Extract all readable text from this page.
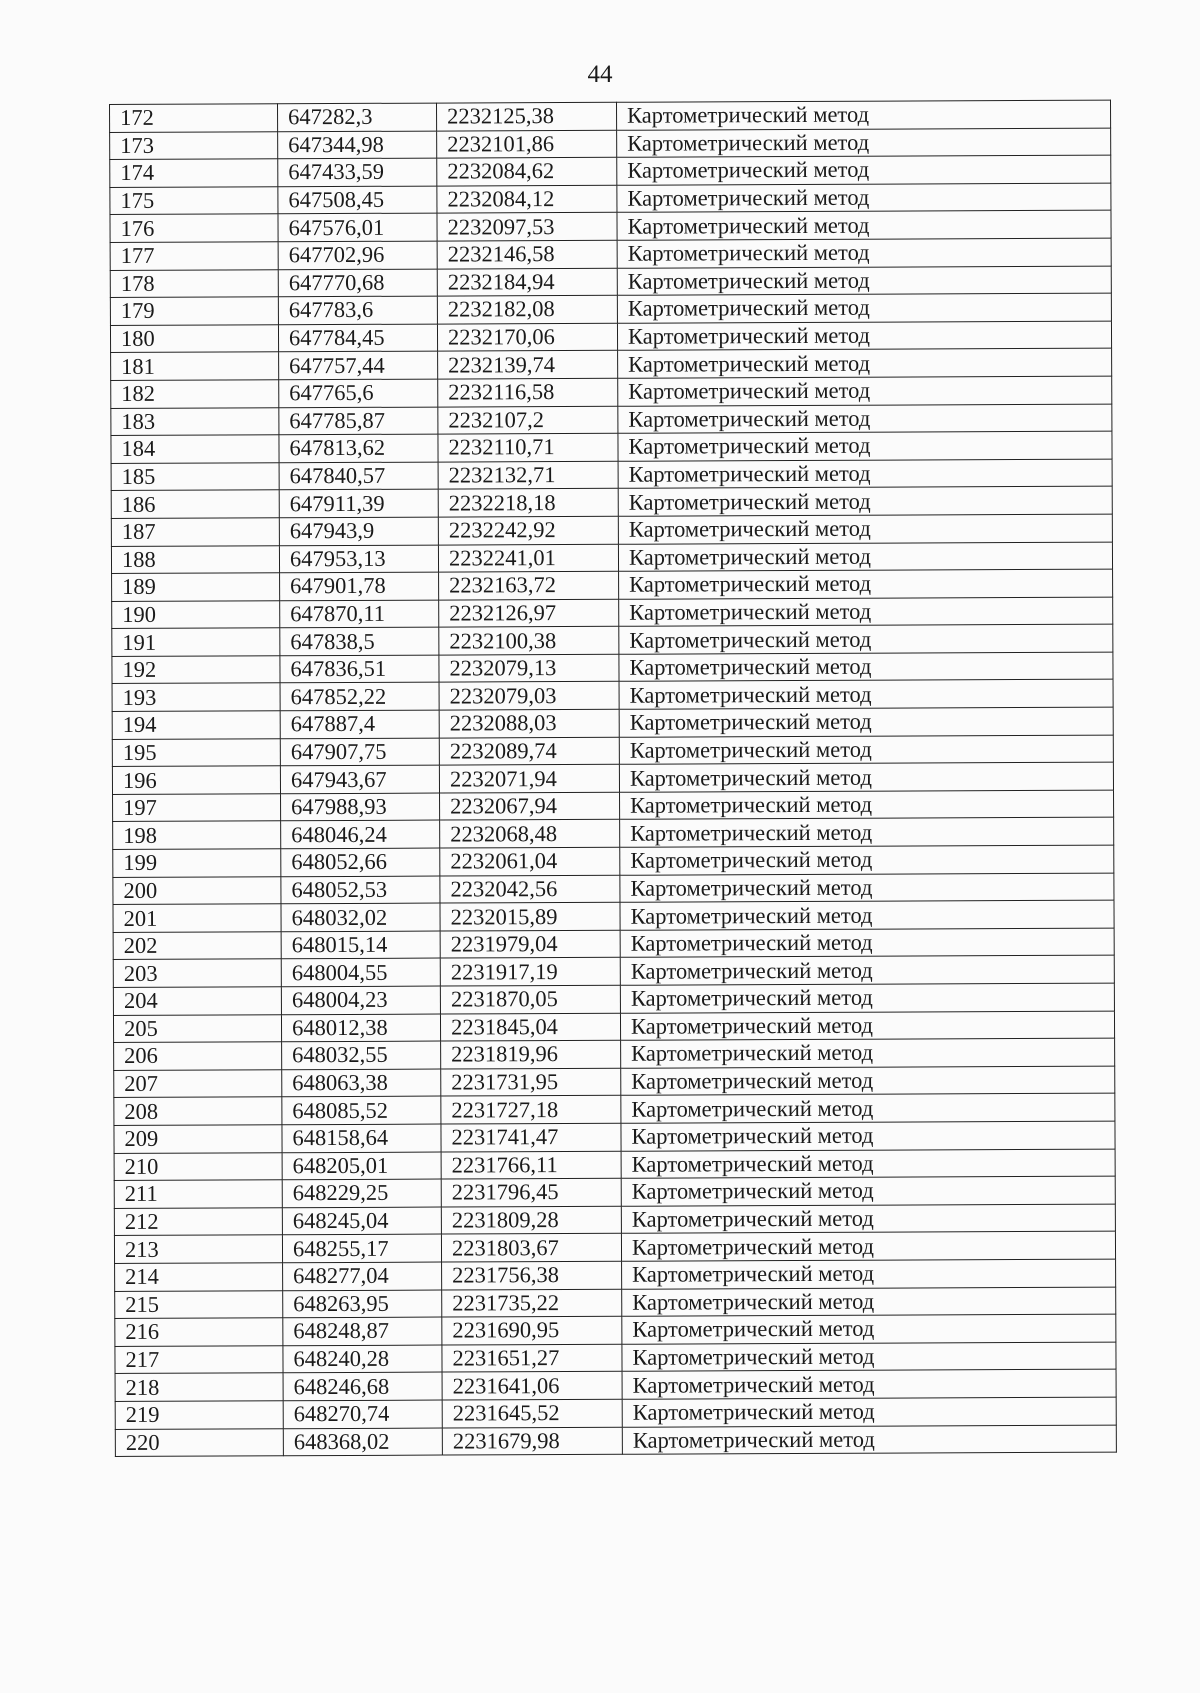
44
172	647282,3	2232125,38	Картометрический метод
173	647344,98	2232101,86	Картометрический метод
174	647433,59	2232084,62	Картометрический метод
175	647508,45	2232084,12	Картометрический метод
176	647576,01	2232097,53	Картометрический метод
177	647702,96	2232146,58	Картометрический метод
178	647770,68	2232184,94	Картометрический метод
179	647783,6	2232182,08	Картометрический метод
180	647784,45	2232170,06	Картометрический метод
181	647757,44	2232139,74	Картометрический метод
182	647765,6	2232116,58	Картометрический метод
183	647785,87	2232107,2	Картометрический метод
184	647813,62	2232110,71	Картометрический метод
185	647840,57	2232132,71	Картометрический метод
186	647911,39	2232218,18	Картометрический метод
187	647943,9	2232242,92	Картометрический метод
188	647953,13	2232241,01	Картометрический метод
189	647901,78	2232163,72	Картометрический метод
190	647870,11	2232126,97	Картометрический метод
191	647838,5	2232100,38	Картометрический метод
192	647836,51	2232079,13	Картометрический метод
193	647852,22	2232079,03	Картометрический метод
194	647887,4	2232088,03	Картометрический метод
195	647907,75	2232089,74	Картометрический метод
196	647943,67	2232071,94	Картометрический метод
197	647988,93	2232067,94	Картометрический метод
198	648046,24	2232068,48	Картометрический метод
199	648052,66	2232061,04	Картометрический метод
200	648052,53	2232042,56	Картометрический метод
201	648032,02	2232015,89	Картометрический метод
202	648015,14	2231979,04	Картометрический метод
203	648004,55	2231917,19	Картометрический метод
204	648004,23	2231870,05	Картометрический метод
205	648012,38	2231845,04	Картометрический метод
206	648032,55	2231819,96	Картометрический метод
207	648063,38	2231731,95	Картометрический метод
208	648085,52	2231727,18	Картометрический метод
209	648158,64	2231741,47	Картометрический метод
210	648205,01	2231766,11	Картометрический метод
211	648229,25	2231796,45	Картометрический метод
212	648245,04	2231809,28	Картометрический метод
213	648255,17	2231803,67	Картометрический метод
214	648277,04	2231756,38	Картометрический метод
215	648263,95	2231735,22	Картометрический метод
216	648248,87	2231690,95	Картометрический метод
217	648240,28	2231651,27	Картометрический метод
218	648246,68	2231641,06	Картометрический метод
219	648270,74	2231645,52	Картометрический метод
220	648368,02	2231679,98	Картометрический метод
